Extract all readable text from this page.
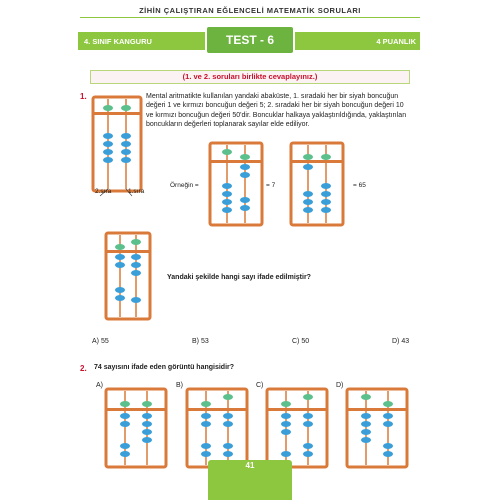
ZİHİN ÇALIŞTIRAN EĞLENCELİ MATEMATİK SORULARI
4. SINIF KANGURU	4 PUANLIK
TEST - 6
(1. ve 2. soruları birlikte cevaplayınız.)
1.
2.sıra	1.sıra
Mental aritmatikte kullanılan yandaki abaküste, 1. sıradaki her bir siyah boncuğun değeri 1 ve kırmızı boncuğun değeri 5; 2. sıradaki her bir siyah boncuğun değeri 10 ve kırmızı boncuğun değeri 50'dir. Boncuklar halkaya yaklaştırıldığında, yaklaştırılan boncukların değerleri toplanarak sayılar elde ediliyor.
Örneğin =	= 7	= 65
Yandaki şekilde hangi sayı ifade edilmiştir?
A) 55	B) 53	C) 50	D) 43
2. 74 sayısını ifade eden görüntü hangisidir?
A)	B)	C)	D)
41
